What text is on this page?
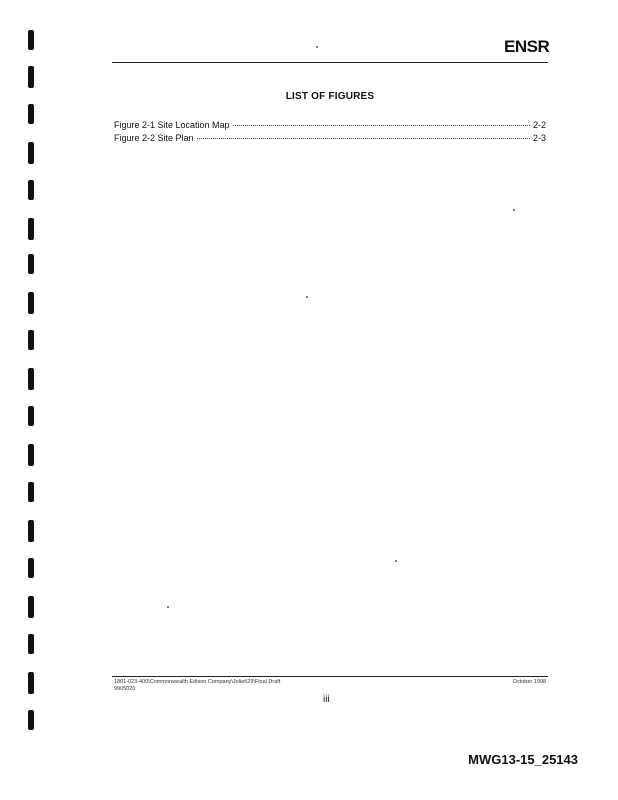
ENSR
LIST OF FIGURES
Figure 2-1 Site Location Map	2-2
Figure 2-2 Site Plan	2-3
1801-023-400\Commonwealth Edison Company\Joliet\29\Final Draft
9905020
October 1998
iii
MWG13-15_25143
